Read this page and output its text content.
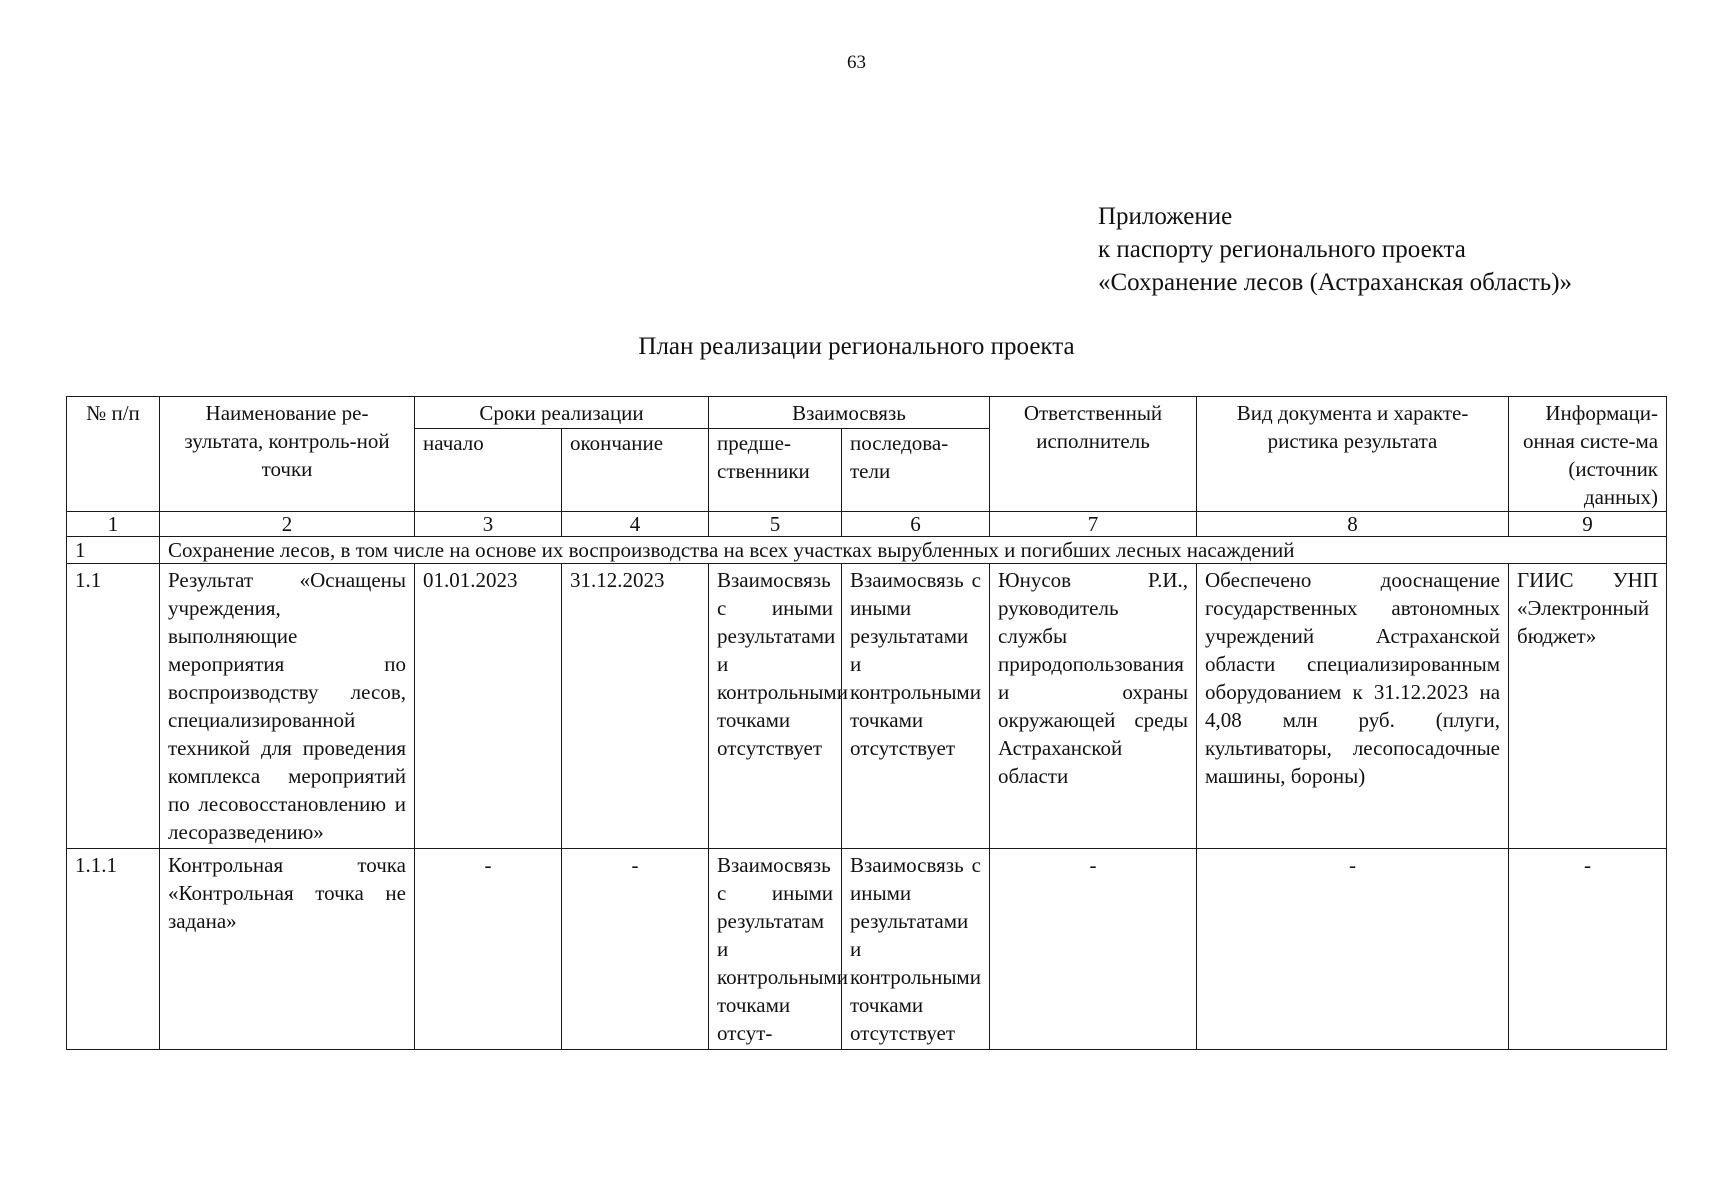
63
Приложение
к паспорту регионального проекта
«Сохранение лесов (Астраханская область)»
План реализации регионального проекта
№ п/п	Наименование ре-зультата, контроль-ной точки	Сроки реализации		Взаимосвязь		Ответственный исполнитель	Вид документа и характе-ристика результата	Информаци-онная систе-ма (источник данных)

		начало	окончание	предше-ственники	последова-тели			
1	2	3	4	5	6	7	8	9
1	Сохранение лесов, в том числе на основе их воспроизводства на всех участках вырубленных и погибших лесных насаждений							
1.1	Результат «Оснащены учреждения, выполняющие мероприятия по воспроизводству лесов, специализированной техникой для проведения комплекса мероприятий по лесовосстановлению и лесоразведению»	01.01.2023	31.12.2023	Взаимосвязь с иными результатами и контрольными точками отсутствует	Взаимосвязь с иными результатами и контрольными точками отсутствует	Юнусов Р.И., руководитель службы природопользования и охраны окружающей среды Астраханской области	Обеспечено дооснащение государственных автономных учреждений Астраханской области специализированным оборудованием к 31.12.2023 на 4,08 млн руб. (плуги, культиваторы, лесопосадочные машины, бороны)	ГИИС УНП «Электронный бюджет»
1.1.1	Контрольная точка «Контрольная точка не задана»	-	-	Взаимосвязь с иными результатам и контрольными точками отсут-	Взаимосвязь с иными результатами и контрольными точками отсутствует	-	-	-
